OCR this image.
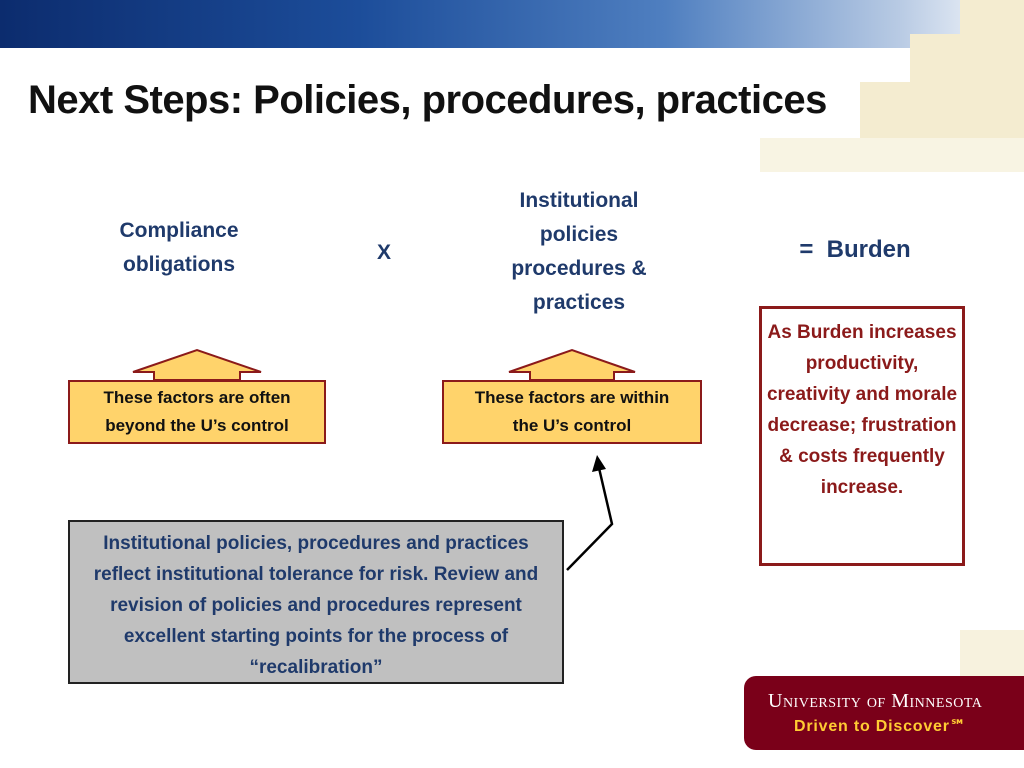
Next Steps: Policies, procedures, practices
Compliance obligations
X
Institutional policies procedures & practices
=  Burden
These factors are often beyond the U’s control
These factors are within the U’s control
As Burden increases productivity, creativity and morale decrease; frustration & costs frequently increase.
Institutional policies, procedures and practices reflect institutional tolerance for risk. Review and revision of policies and procedures represent excellent starting points for the process of “recalibration”
University of Minnesota
Driven to Discover℠
